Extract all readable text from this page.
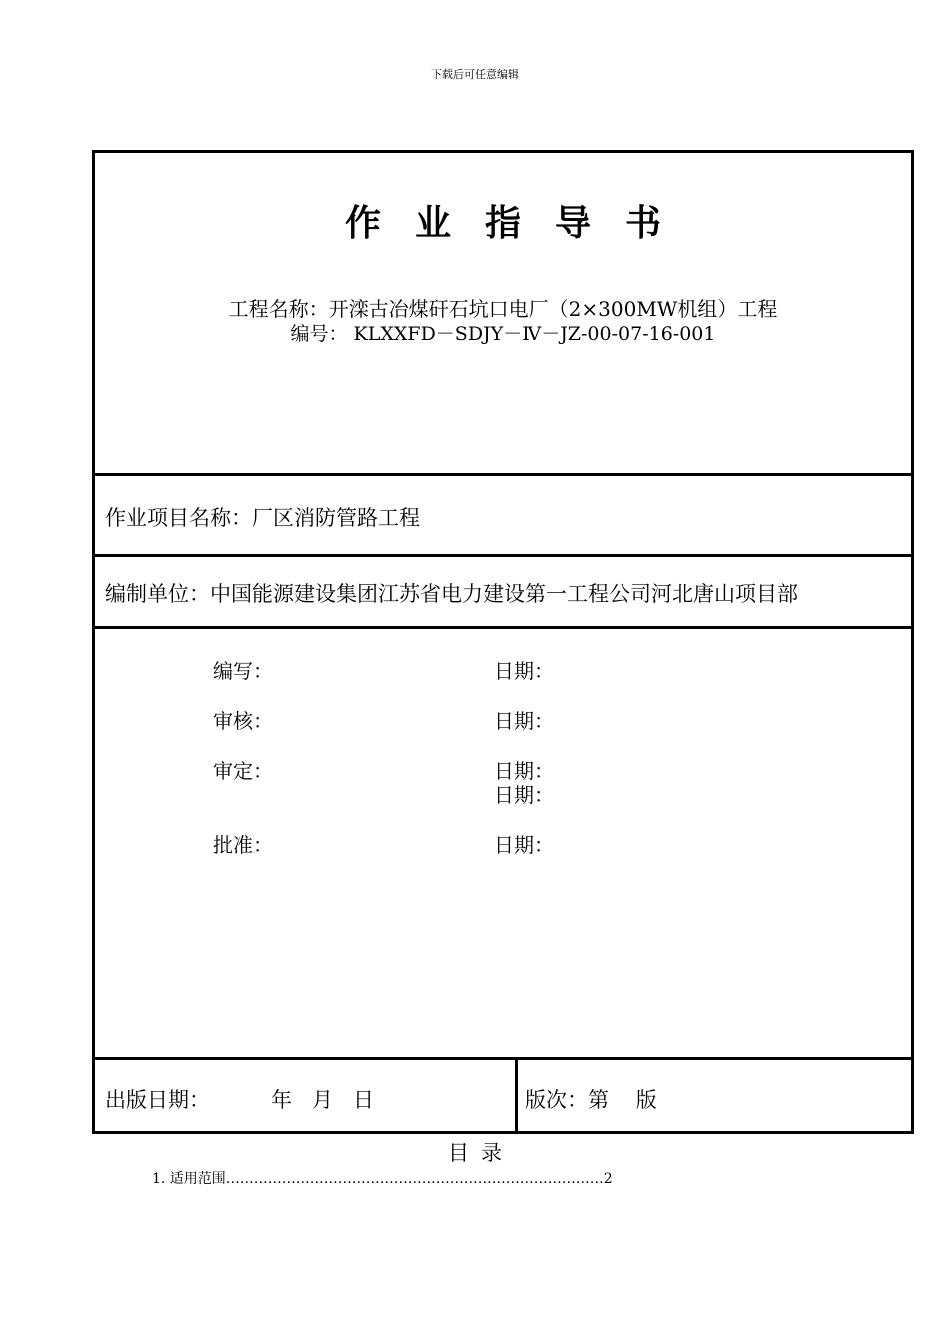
下载后可任意编辑
作业指导书
工程名称：开滦古冶煤矸石坑口电厂（2×300MW机组）工程
编号： KLXXFD－SDJY－Ⅳ－JZ-00-07-16-001
作业项目名称：厂区消防管路工程
编制单位：中国能源建设集团江苏省电力建设第一工程公司河北唐山项目部
编写：	日期：
审核：	日期：
审定：	日期：
日期：
批准：	日期：
出版日期：	年   月   日	版次：第    版
目录
1. 适用范围………………………………………………………………………2
